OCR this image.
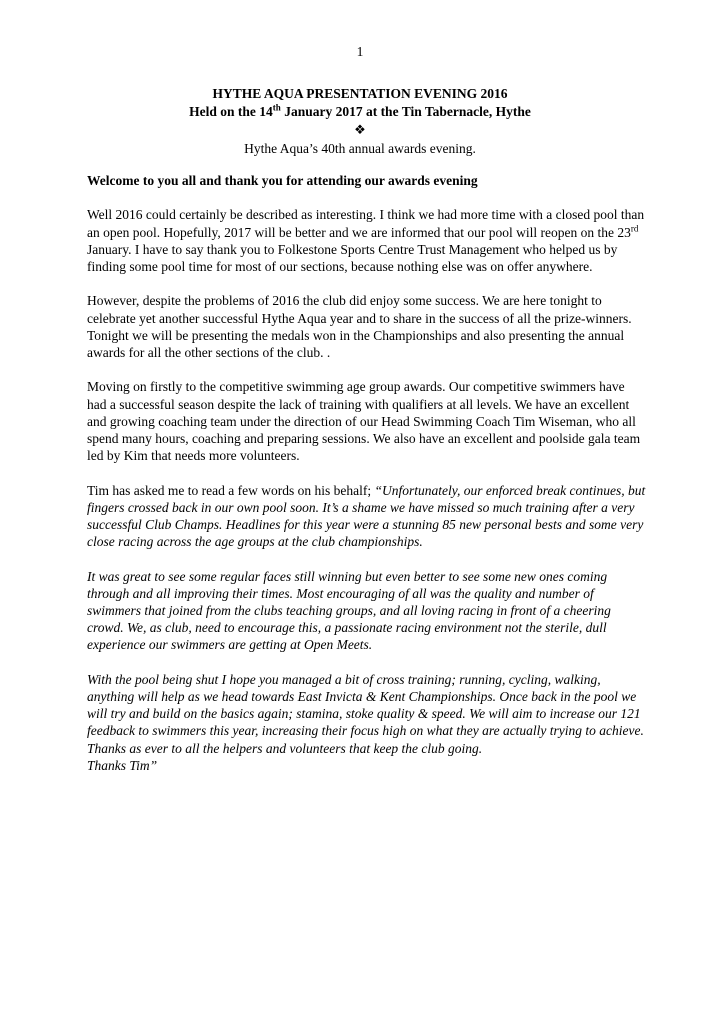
1
HYTHE AQUA PRESENTATION EVENING 2016
Held on the 14th January 2017 at the Tin Tabernacle, Hythe
❖
Hythe Aqua’s 40th annual awards evening.

Welcome to you all and thank you for attending our awards evening

Well 2016 could certainly be described as interesting. I think we had more time with a closed pool than an open pool. Hopefully, 2017 will be better and we are informed that our pool will reopen on the 23rd January. I have to say thank you to Folkestone Sports Centre Trust Management who helped us by finding some pool time for most of our sections, because nothing else was on offer anywhere.

However, despite the problems of 2016 the club did enjoy some success. We are here tonight to celebrate yet another successful Hythe Aqua year and to share in the success of all the prize-winners. Tonight we will be presenting the medals won in the Championships and also presenting the annual awards for all the other sections of the club. .

Moving on firstly to the competitive swimming age group awards. Our competitive swimmers have had a successful season despite the lack of training with qualifiers at all levels. We have an excellent and growing coaching team under the direction of our Head Swimming Coach Tim Wiseman, who all spend many hours, coaching and preparing sessions. We also have an excellent and poolside gala team led by Kim that needs more volunteers.

Tim has asked me to read a few words on his behalf; “Unfortunately, our enforced break continues, but fingers crossed back in our own pool soon. It’s a shame we have missed so much training after a very successful Club Champs. Headlines for this year were a stunning 85 new personal bests and some very close racing across the age groups at the club championships.

It was great to see some regular faces still winning but even better to see some new ones coming through and all improving their times. Most encouraging of all was the quality and number of swimmers that joined from the clubs teaching groups, and all loving racing in front of a cheering crowd. We, as club, need to encourage this, a passionate racing environment not the sterile, dull experience our swimmers are getting at Open Meets.

With the pool being shut I hope you managed a bit of cross training; running, cycling, walking, anything will help as we head towards East Invicta & Kent Championships. Once back in the pool we will try and build on the basics again; stamina, stoke quality & speed. We will aim to increase our 121 feedback to swimmers this year, increasing their focus high on what they are actually trying to achieve. Thanks as ever to all the helpers and volunteers that keep the club going.

Thanks Tim”
